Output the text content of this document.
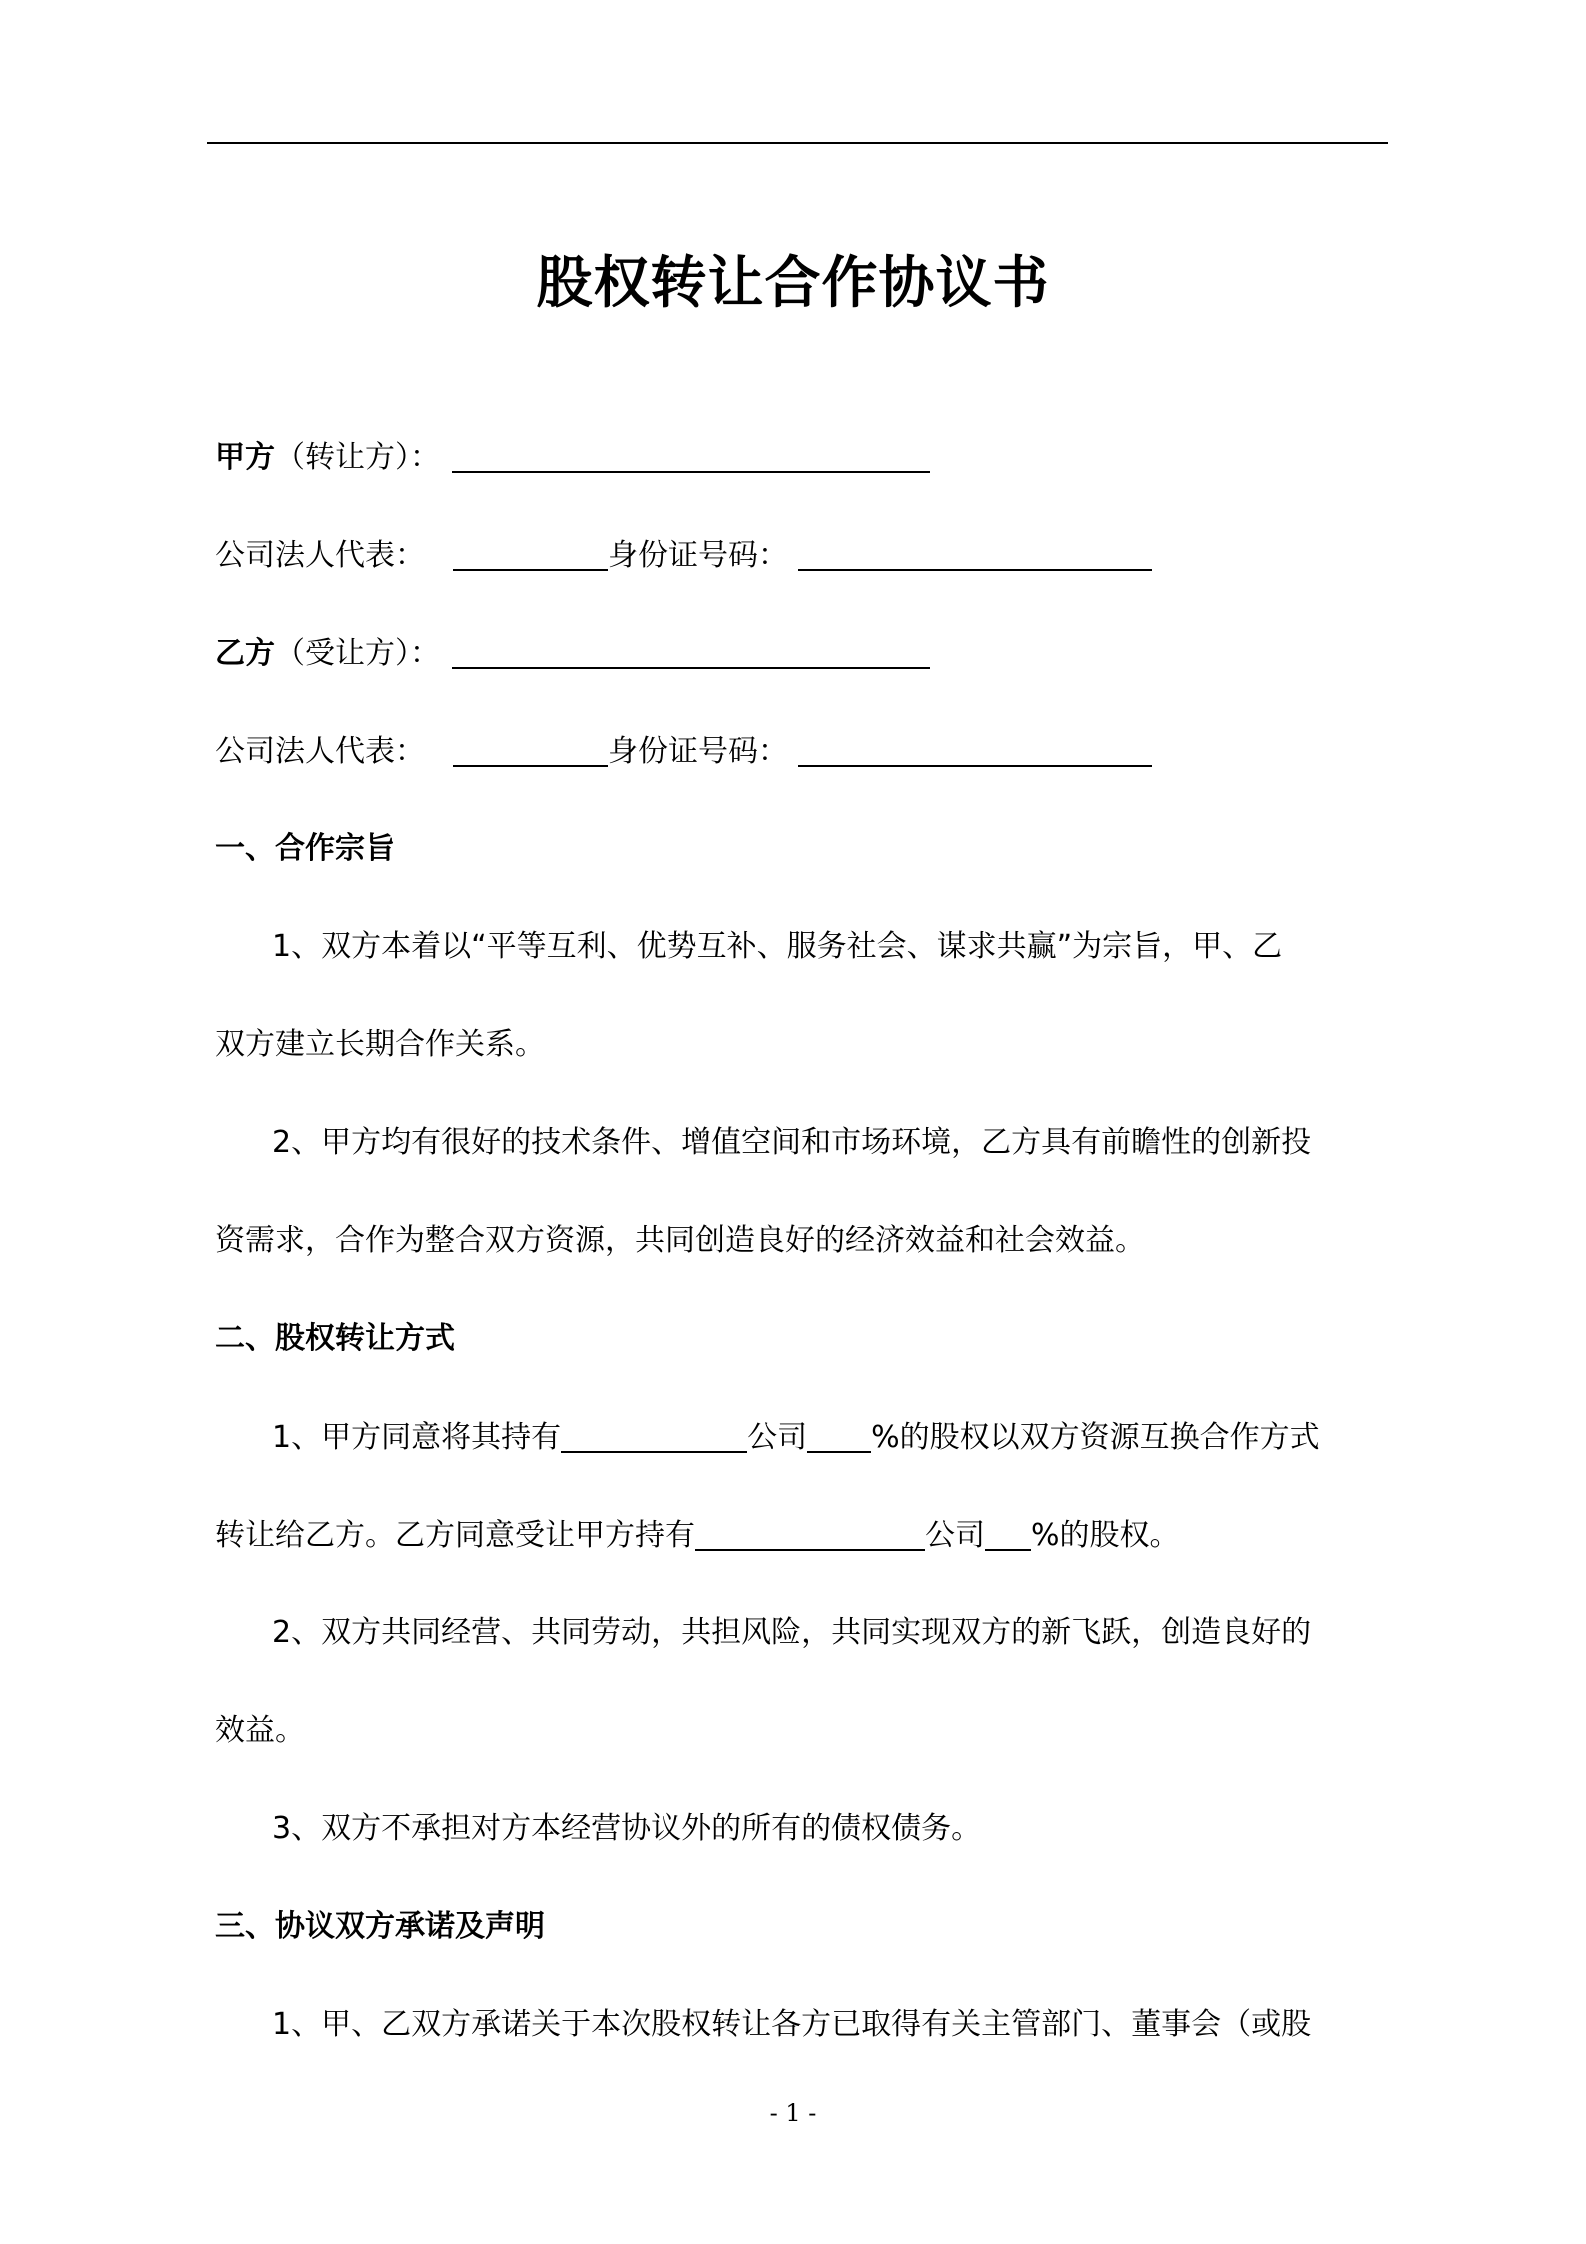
股权转让合作协议书
甲方（转让方）：
公司法人代表：	身份证号码：
乙方（受让方）：
公司法人代表：	身份证号码：
一、合作宗旨
1、双方本着以“平等互利、优势互补、服务社会、谋求共赢”为宗旨，甲、乙
双方建立长期合作关系。
2、甲方均有很好的技术条件、增值空间和市场环境，乙方具有前瞻性的创新投
资需求，合作为整合双方资源，共同创造良好的经济效益和社会效益。
二、股权转让方式
1、甲方同意将其持有	公司 %的股权以双方资源互换合作方式
转让给乙方。乙方同意受让甲方持有	公司 %的股权。
2、双方共同经营、共同劳动，共担风险，共同实现双方的新飞跃，创造良好的
效益。
3、双方不承担对方本经营协议外的所有的债权债务。
三、协议双方承诺及声明
1、甲、乙双方承诺关于本次股权转让各方已取得有关主管部门、董事会（或股
- 1 -
